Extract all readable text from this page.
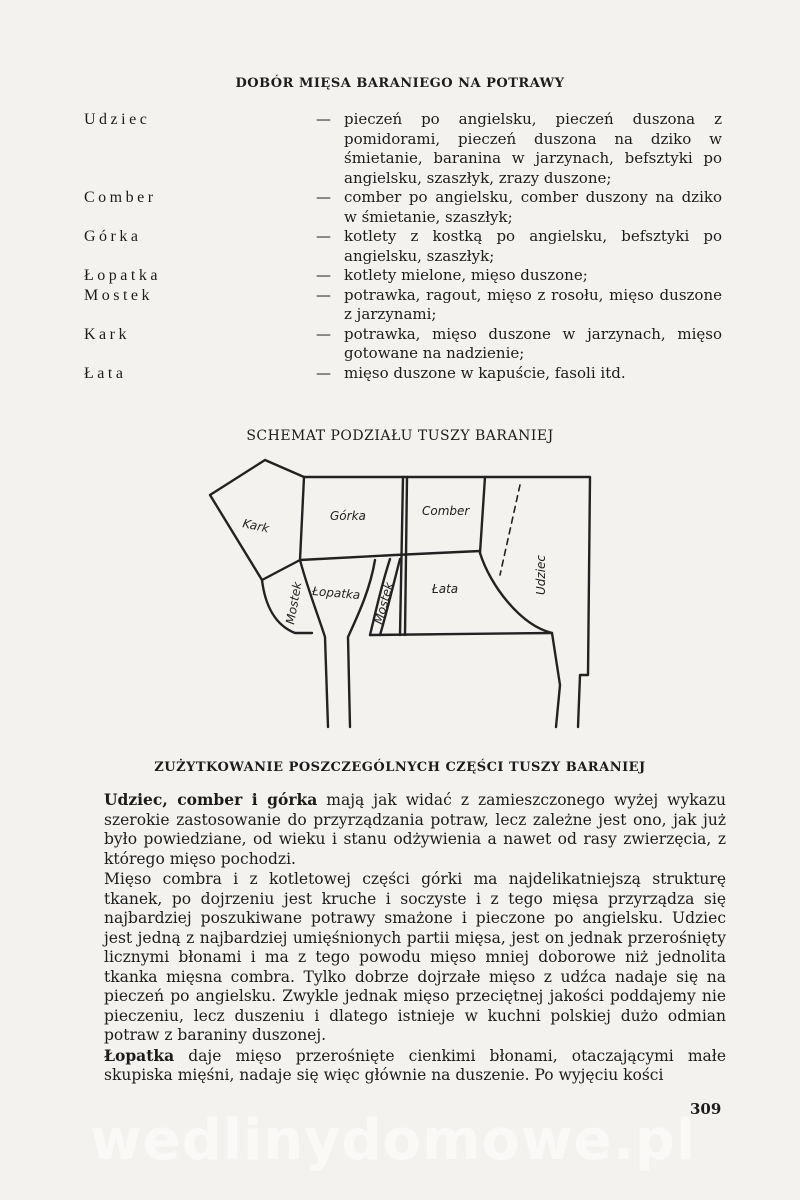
DOBÓR MIĘSA BARANIEGO NA POTRAWY
Udziec	— pieczeń po angielsku, pieczeń duszona z pomidorami, pieczeń duszona na dziko w śmietanie, baranina w jarzynach, befsztyki po angielsku, szaszłyk, zrazy duszone;
Comber	— comber po angielsku, comber duszony na dziko w śmietanie, szaszłyk;
Górka	— kotlety z kostką po angielsku, befsztyki po angielsku, szaszłyk;
Łopatka	— kotlety mielone, mięso duszone;
Mostek	— potrawka, ragout, mięso z rosołu, mięso duszone z jarzynami;
Kark	— potrawka, mięso duszone w jarzynach, mięso gotowane na nadzienie;
Łata	— mięso duszone w kapuście, fasoli itd.
SCHEMAT PODZIAŁU TUSZY BARANIEJ
Kark
Górka	Comber
Udziec
Mostek Łopatka Mostek	Łata
ZUŻYTKOWANIE POSZCZEGÓLNYCH CZĘŚCI TUSZY BARANIEJ

Udziec, comber i górka mają jak widać z zamieszczonego wyżej wykazu szerokie zastosowanie do przyrządzania potraw, lecz zależne jest ono, jak już było powiedziane, od wieku i stanu odżywienia a nawet od rasy zwierzęcia, z którego mięso pochodzi.

Mięso combra i z kotletowej części górki ma najdelikatniejszą strukturę tkanek, po dojrzeniu jest kruche i soczyste i z tego mięsa przyrządza się najbardziej poszukiwane potrawy smażone i pieczone po angielsku. Udziec jest jedną z najbardziej umięśnionych partii mięsa, jest on jednak przerośnięty licznymi błonami i ma z tego powodu mięso mniej doborowe niż jednolita tkanka mięsna combra. Tylko dobrze dojrzałe mięso z udźca nadaje się na pieczeń po angielsku. Zwykle jednak mięso przeciętnej jakości poddajemy nie pieczeniu, lecz duszeniu i dlatego istnieje w kuchni polskiej dużo odmian potraw z baraniny duszonej.

Łopatka daje mięso przerośnięte cienkimi błonami, otaczającymi małe skupiska mięśni, nadaje się więc głównie na duszenie. Po wyjęciu kości

wedlinydomowe.pl
309
